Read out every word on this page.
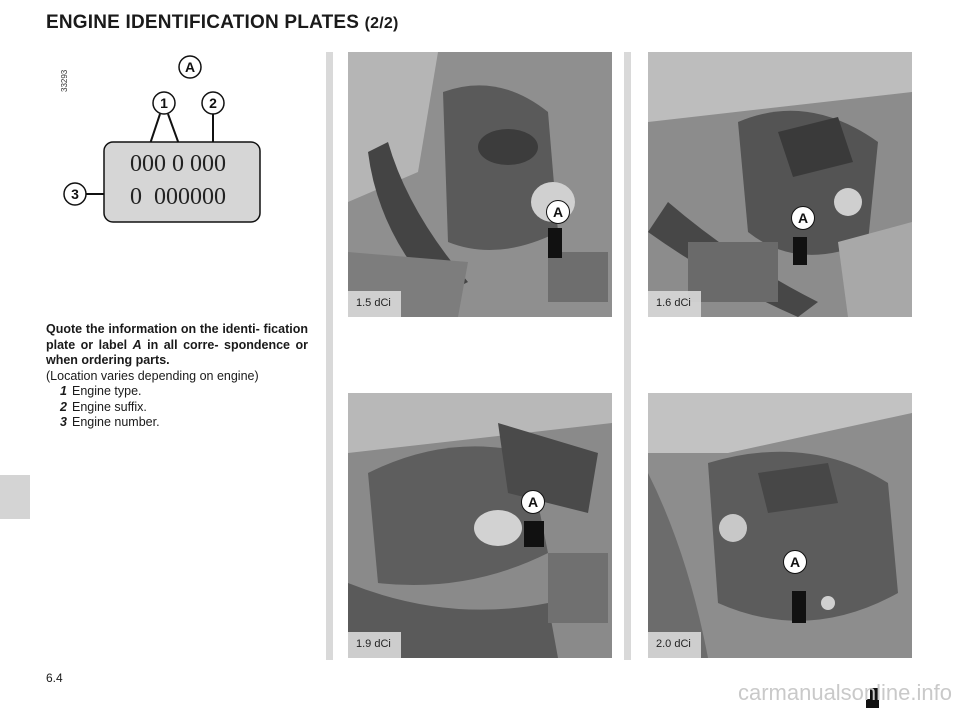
ENGINE IDENTIFICATION PLATES (2/2)
33293
A
1	2
3
000 0 000
0  000000
Quote the information on the identi- fication plate or label A in all corre- spondence or when ordering parts.
(Location varies depending on engine)
1 Engine type.
2 Engine suffix.
3 Engine number.
A
1.5 dCi
A
1.6 dCi
A
1.9 dCi
A
2.0 dCi
6.4
carmanualsonline.info
